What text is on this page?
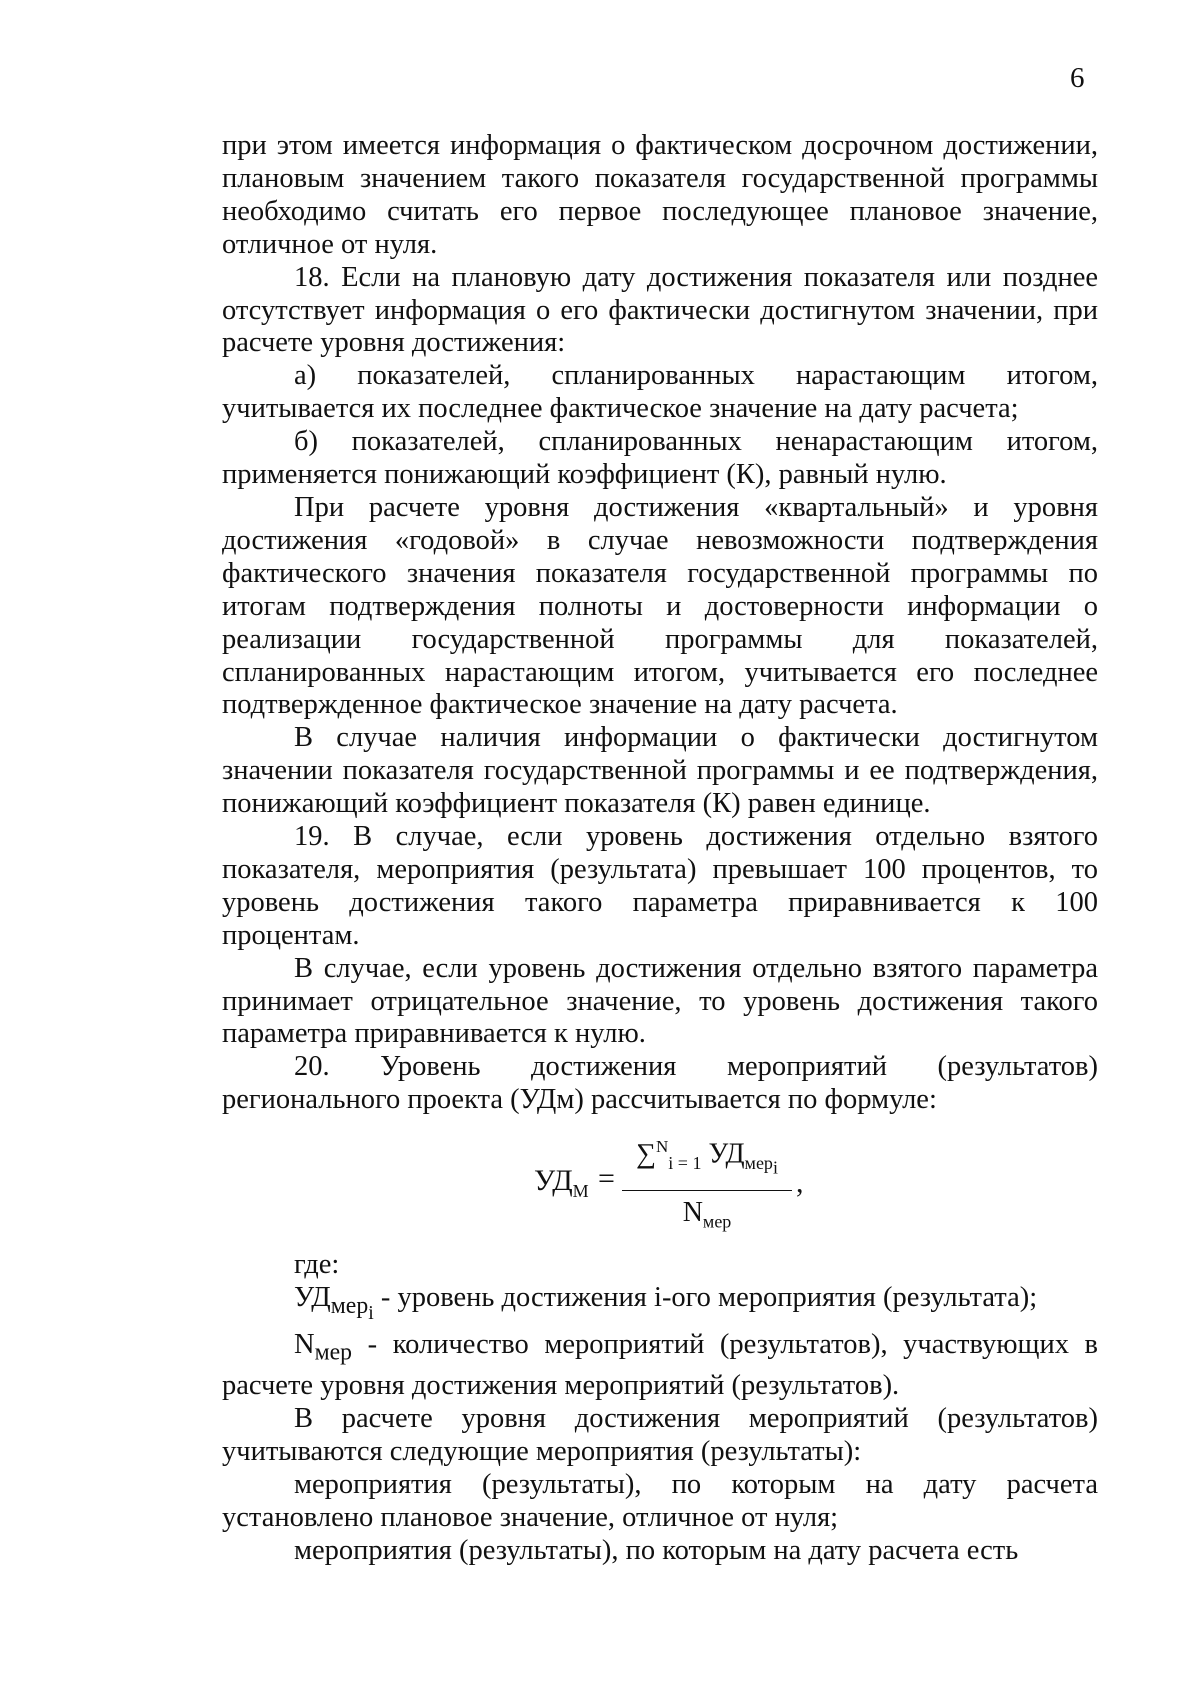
6

при этом имеется информация о фактическом досрочном достижении, плановым значением такого показателя государственной программы необходимо считать его первое последующее плановое значение, отличное от нуля.

18. Если на плановую дату достижения показателя или позднее отсутствует информация о его фактически достигнутом значении, при расчете уровня достижения:

а) показателей, спланированных нарастающим итогом, учитывается их последнее фактическое значение на дату расчета;

б) показателей, спланированных ненарастающим итогом, применяется понижающий коэффициент (К), равный нулю.

При расчете уровня достижения «квартальный» и уровня достижения «годовой» в случае невозможности подтверждения фактического значения показателя государственной программы по итогам подтверждения полноты и достоверности информации о реализации государственной программы для показателей, спланированных нарастающим итогом, учитывается его последнее подтвержденное фактическое значение на дату расчета.

В случае наличия информации о фактически достигнутом значении показателя государственной программы и ее подтверждения, понижающий коэффициент показателя (К) равен единице.

19. В случае, если уровень достижения отдельно взятого показателя, мероприятия (результата) превышает 100 процентов, то уровень достижения такого параметра приравнивается к 100 процентам.

В случае, если уровень достижения отдельно взятого параметра принимает отрицательное значение, то уровень достижения такого параметра приравнивается к нулю.

20. Уровень достижения мероприятий (результатов) регионального проекта (УДм) рассчитывается по формуле:

$УД_М$ =
∑$^N_{i = 1}$ $УД_{мер_i}$
$N_{мер}$
,

где:

$УД_{мер_i}$ - уровень достижения i-ого мероприятия (результата);

$N_{мер}$ - количество мероприятий (результатов), участвующих в расчете уровня достижения мероприятий (результатов).

В расчете уровня достижения мероприятий (результатов) учитываются следующие мероприятия (результаты):

мероприятия (результаты), по которым на дату расчета установлено плановое значение, отличное от нуля;

мероприятия (результаты), по которым на дату расчета есть
